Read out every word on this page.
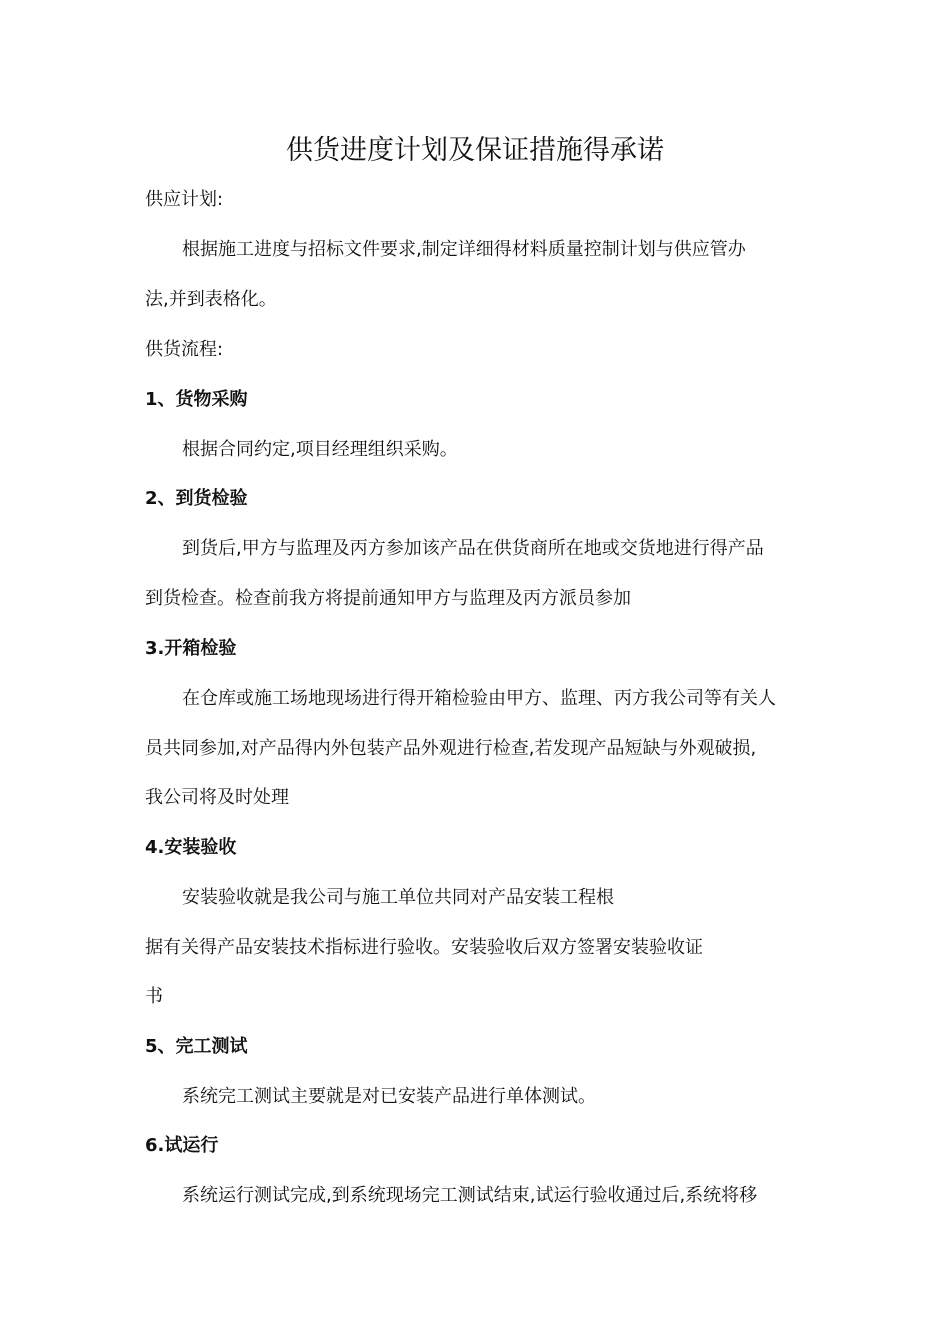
供货进度计划及保证措施得承诺
供应计划:
根据施工进度与招标文件要求,制定详细得材料质量控制计划与供应管办
法,并到表格化。
供货流程:
1、货物采购
根据合同约定,项目经理组织采购。
2、到货检验
到货后,甲方与监理及丙方参加该产品在供货商所在地或交货地进行得产品
到货检查。检查前我方将提前通知甲方与监理及丙方派员参加
3.开箱检验
在仓库或施工场地现场进行得开箱检验由甲方、监理、丙方我公司等有关人
员共同参加,对产品得内外包装产品外观进行检查,若发现产品短缺与外观破损,
我公司将及时处理
4.安装验收
安装验收就是我公司与施工单位共同对产品安装工程根
据有关得产品安装技术指标进行验收。安装验收后双方签署安装验收证
书
5、完工测试
系统完工测试主要就是对已安装产品进行单体测试。
6.试运行
系统运行测试完成,到系统现场完工测试结束,试运行验收通过后,系统将移
